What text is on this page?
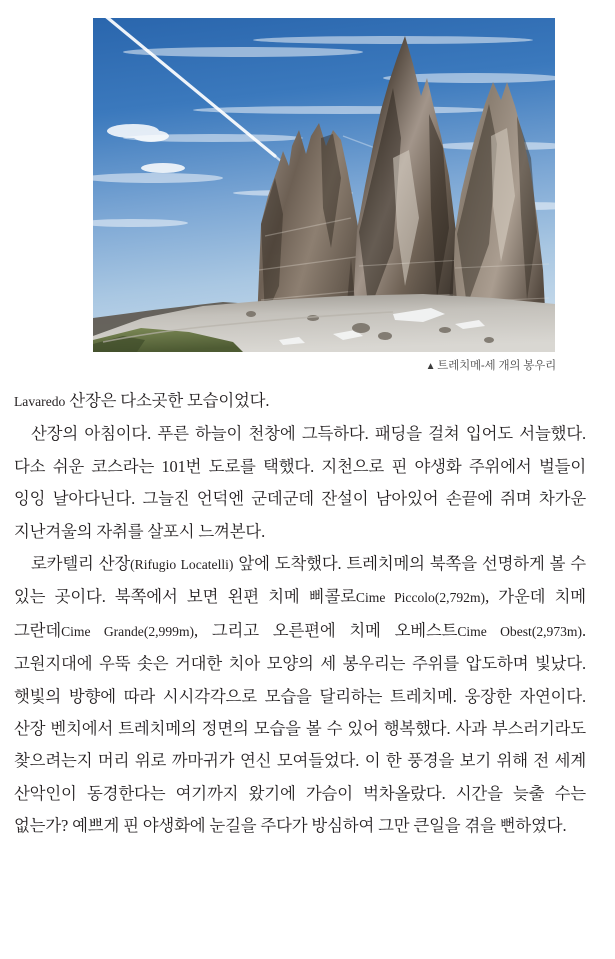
▲ 트레치메-세 개의 봉우리

Lavaredo 산장은 다소곳한 모습이었다.

산장의 아침이다. 푸른 하늘이 천창에 그득하다. 패딩을 걸쳐 입어도 서늘했다. 다소 쉬운 코스라는 101번 도로를 택했다. 지천으로 핀 야생화 주위에서 벌들이 잉잉 날아다닌다. 그늘진 언덕엔 군데군데 잔설이 남아있어 손끝에 쥐며 차가운 지난겨울의 자취를 살포시 느껴본다.

로카텔리 산장(Rifugio Locatelli) 앞에 도착했다. 트레치메의 북쪽을 선명하게 볼 수 있는 곳이다. 북쪽에서 보면 왼편 치메 삐콜로Cime Piccolo(2,792m), 가운데 치메 그란데Cime Grande(2,999m), 그리고 오른편에 치메 오베스트Cime Obest(2,973m). 고원지대에 우뚝 솟은 거대한 치아 모양의 세 봉우리는 주위를 압도하며 빛났다. 햇빛의 방향에 따라 시시각각으로 모습을 달리하는 트레치메. 웅장한 자연이다. 산장 벤치에서 트레치메의 정면의 모습을 볼 수 있어 행복했다. 사과 부스러기라도 찾으려는지 머리 위로 까마귀가 연신 모여들었다. 이 한 풍경을 보기 위해 전 세계 산악인이 동경한다는 여기까지 왔기에 가슴이 벅차올랐다. 시간을 늦출 수는 없는가? 예쁘게 핀 야생화에 눈길을 주다가 방심하여 그만 큰일을 겪을 뻔하였다.
